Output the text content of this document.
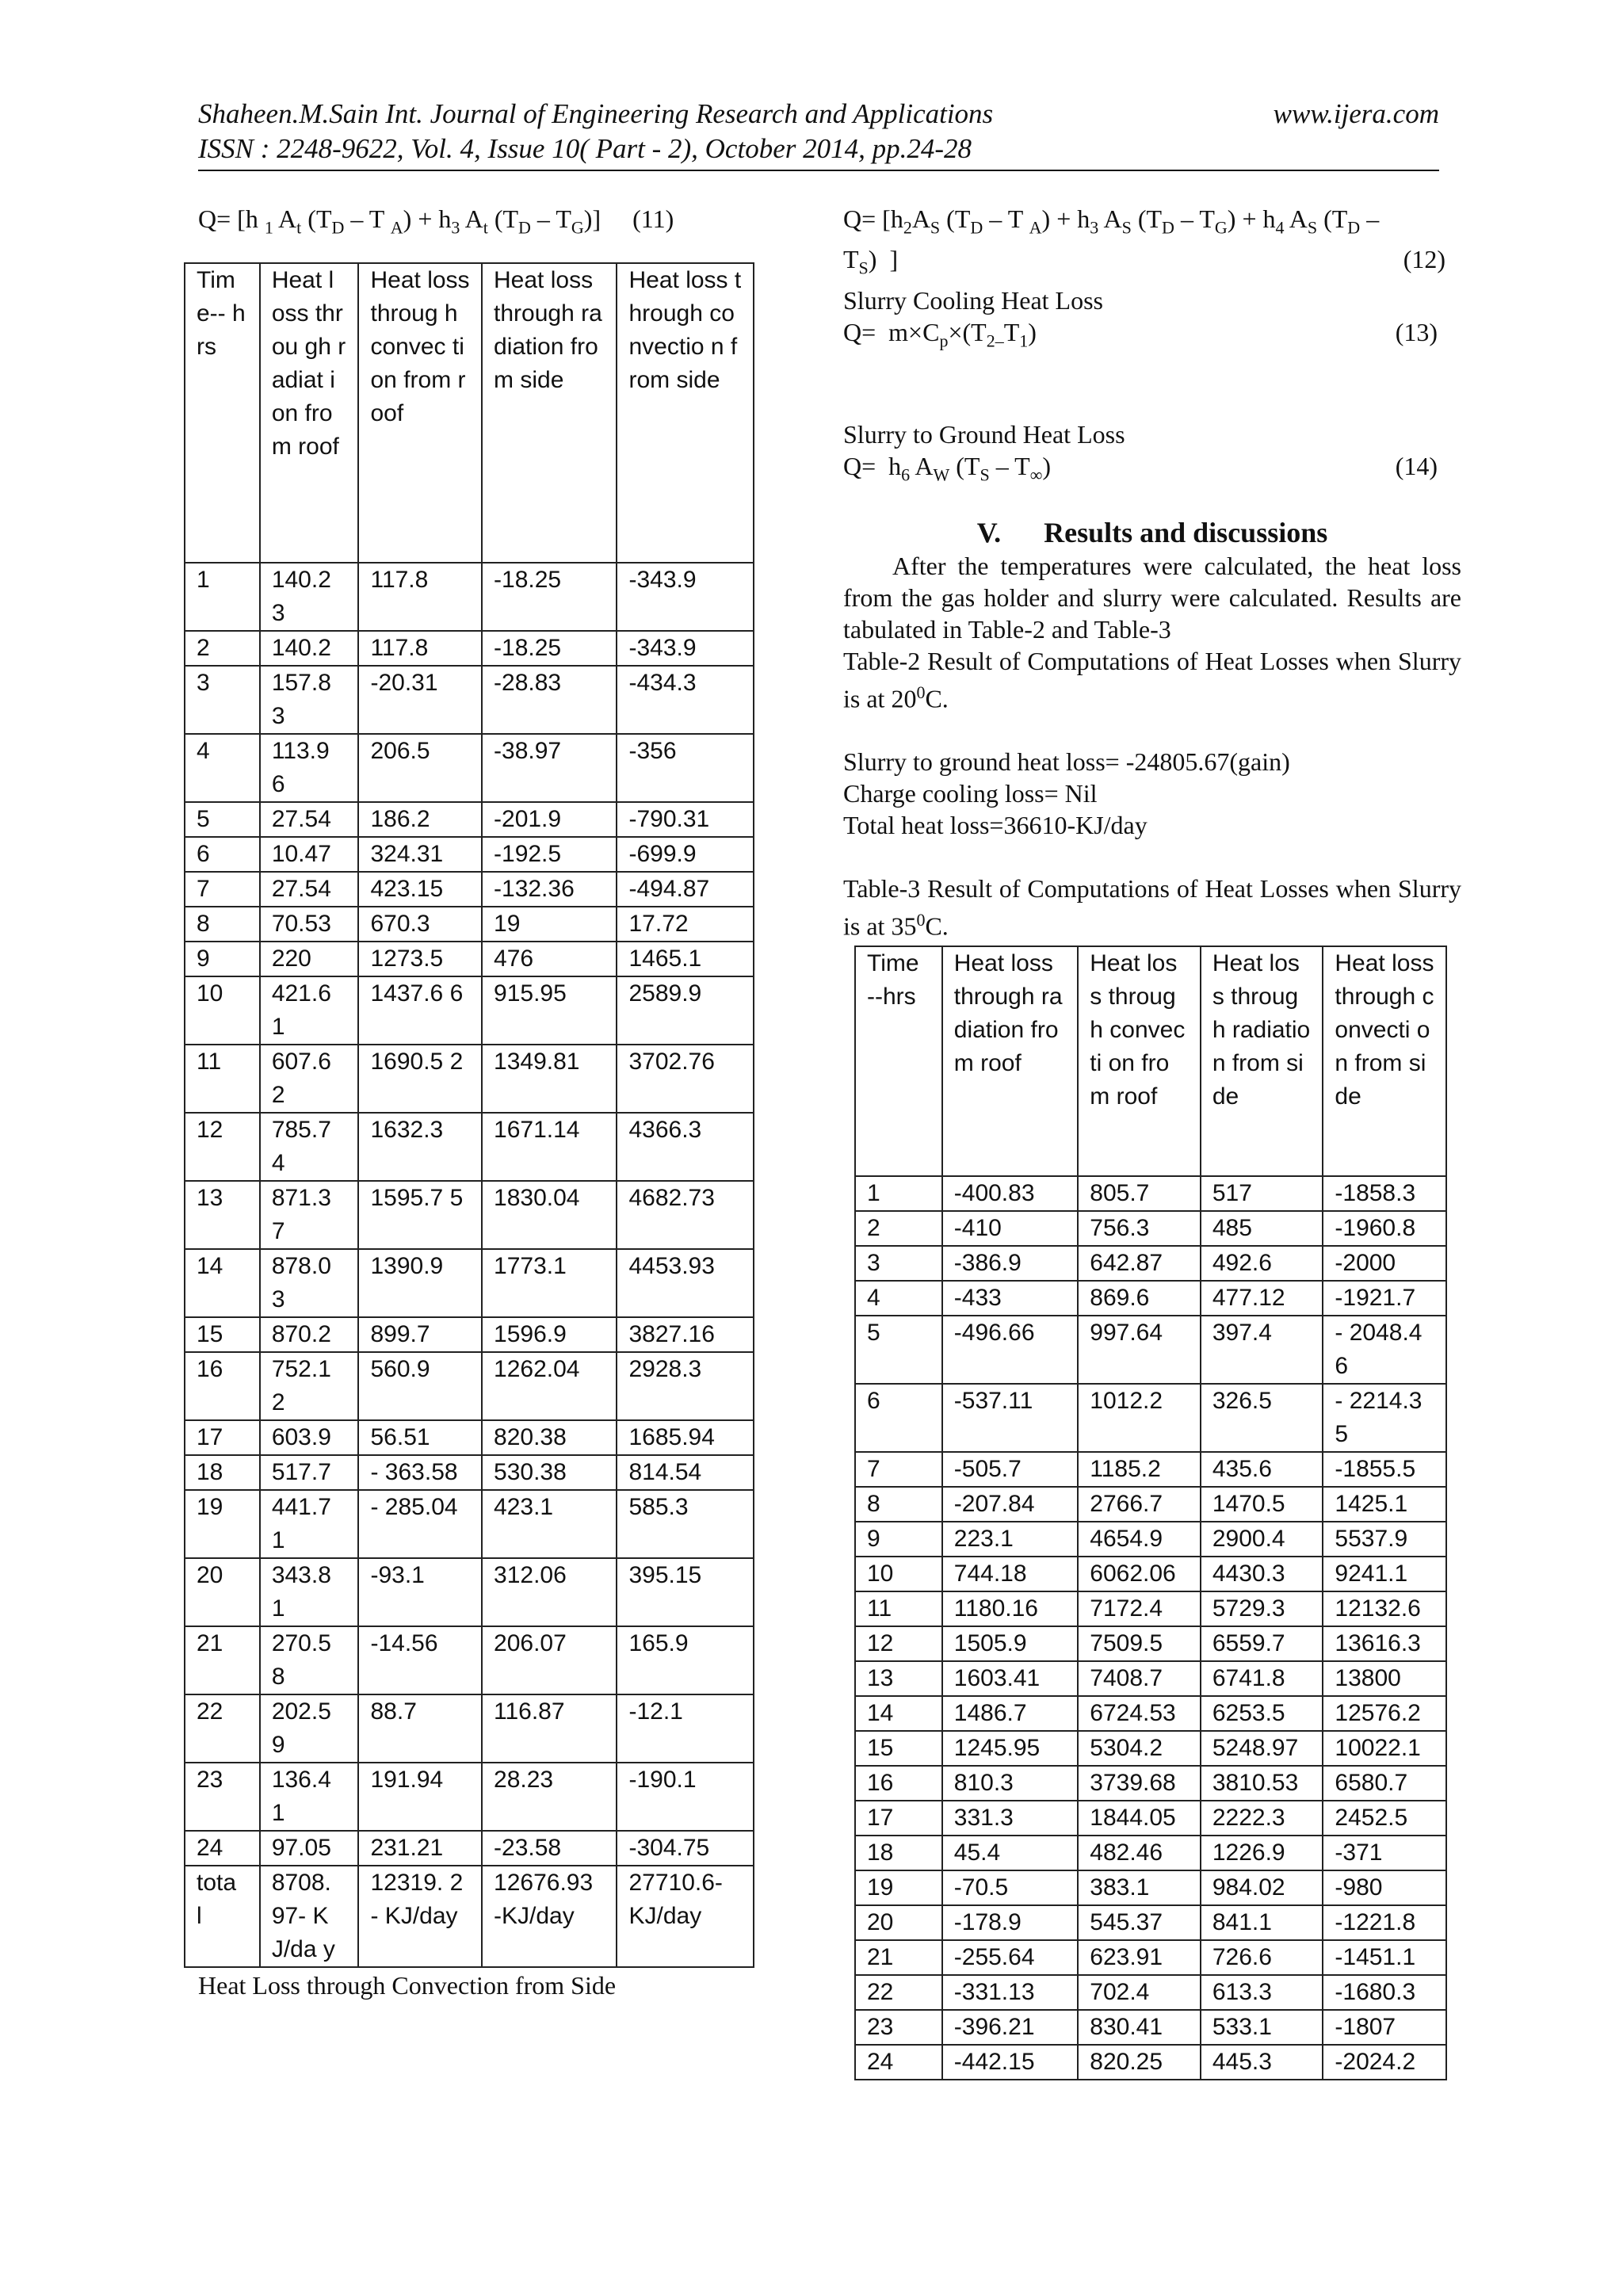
Shaheen.M.Sain Int. Journal of Engineering Research and Applications	www.ijera.com
ISSN : 2248-9622, Vol. 4, Issue 10( Part - 2), October 2014, pp.24-28
Q= [h $_1$ $A_t$ ($T_D$ – T $_A) + h_3$ $A_t$ $(T_D - T_G)$]     (11)
Tim e-- hrs	Heat loss throu gh radiat ion from roof	Heat loss throug h convec tion from roof	Heat loss through radiation from side	Heat loss through convectio n from side
1	140.2 3	117.8	-18.25	-343.9
2	140.2	117.8	-18.25	-343.9
3	157.8 3	-20.31	-28.83	-434.3
4	113.9 6	206.5	-38.97	-356
5	27.54	186.2	-201.9	-790.31
6	10.47	324.31	-192.5	-699.9
7	27.54	423.15	-132.36	-494.87
8	70.53	670.3	19	17.72
9	220	1273.5	476	1465.1
10	421.6 1	1437.6 6	915.95	2589.9
11	607.6 2	1690.5 2	1349.81	3702.76
12	785.7 4	1632.3	1671.14	4366.3
13	871.3 7	1595.7 5	1830.04	4682.73
14	878.0 3	1390.9	1773.1	4453.93
15	870.2	899.7	1596.9	3827.16
16	752.1 2	560.9	1262.04	2928.3
17	603.9	56.51	820.38	1685.94
18	517.7	- 363.58	530.38	814.54
19	441.7 1	- 285.04	423.1	585.3
20	343.8 1	-93.1	312.06	395.15
21	270.5 8	-14.56	206.07	165.9
22	202.5 9	88.7	116.87	-12.1
23	136.4 1	191.94	28.23	-190.1
24	97.05	231.21	-23.58	-304.75
tota l	8708. 97- KJ/da y	12319. 2- KJ/day	12676.93 -KJ/day	27710.6- KJ/day
Heat Loss through Convection from Side
$Q= [h_2A_S$ ($T_D$ – T $_A) + h_3$ $A_S$ $(T_D - T_G) + h_4$ $A_S$ ($T_D$ –
$T_S$)  ]	(12)
Slurry Cooling Heat Loss
$Q= m\times C_p\times(T_{2-}T_1)$	(13)
Slurry to Ground Heat Loss
$Q= h_6$ $A_W$ $(T_S - T_\infty)$	(14)
V. Results and discussions
After the temperatures were calculated, the heat loss from the gas holder and slurry were calculated. Results are tabulated in Table-2 and Table-3
Table-2 Result of Computations of Heat Losses when Slurry is at $20^0C$.
Slurry to ground heat loss= -24805.67(gain)
Charge cooling loss= Nil
Total heat loss=36610-KJ/day
Table-3 Result of Computations of Heat Losses when Slurry is at $35^0C$.
Time --hrs	Heat loss through radiation from roof	Heat loss through convecti on from roof	Heat loss through radiatio n from side	Heat loss through convecti on from side
1	-400.83	805.7	517	-1858.3
2	-410	756.3	485	-1960.8
3	-386.9	642.87	492.6	-2000
4	-433	869.6	477.12	-1921.7
5	-496.66	997.64	397.4	- 2048.46
6	-537.11	1012.2	326.5	- 2214.35
7	-505.7	1185.2	435.6	-1855.5
8	-207.84	2766.7	1470.5	1425.1
9	223.1	4654.9	2900.4	5537.9
10	744.18	6062.06	4430.3	9241.1
11	1180.16	7172.4	5729.3	12132.6
12	1505.9	7509.5	6559.7	13616.3
13	1603.41	7408.7	6741.8	13800
14	1486.7	6724.53	6253.5	12576.2
15	1245.95	5304.2	5248.97	10022.1
16	810.3	3739.68	3810.53	6580.7
17	331.3	1844.05	2222.3	2452.5
18	45.4	482.46	1226.9	-371
19	-70.5	383.1	984.02	-980
20	-178.9	545.37	841.1	-1221.8
21	-255.64	623.91	726.6	-1451.1
22	-331.13	702.4	613.3	-1680.3
23	-396.21	830.41	533.1	-1807
24	-442.15	820.25	445.3	-2024.2
